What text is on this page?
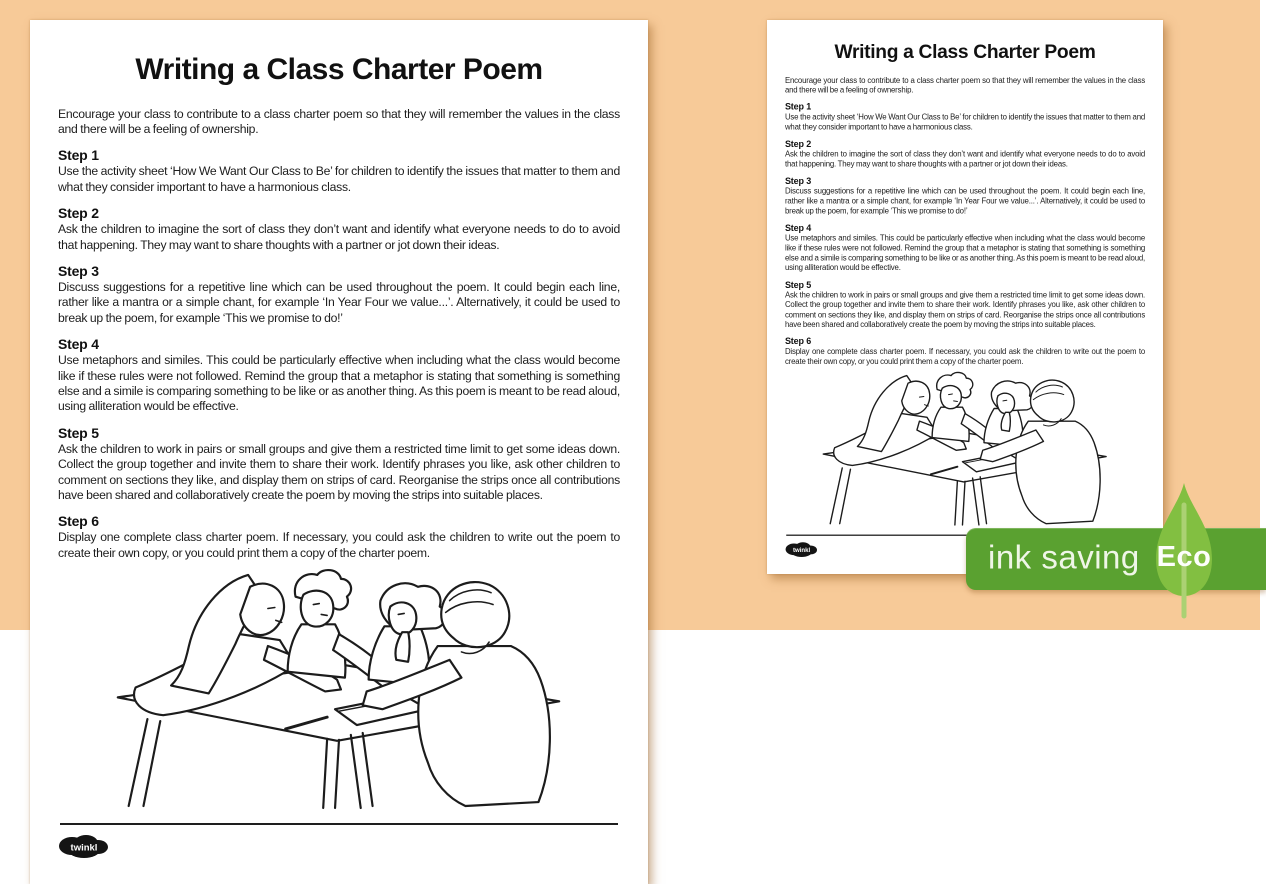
Writing a Class Charter Poem

Encourage your class to contribute to a class charter poem so that they will remember the values in the class and there will be a feeling of ownership.

Step 1

Use the activity sheet ‘How We Want Our Class to Be’ for children to identify the issues that matter to them and what they consider important to have a harmonious class.

Step 2

Ask the children to imagine the sort of class they don’t want and identify what everyone needs to do to avoid that happening. They may want to share thoughts with a partner or jot down their ideas.

Step 3

Discuss suggestions for a repetitive line which can be used throughout the poem. It could begin each line, rather like a mantra or a simple chant, for example ‘In Year Four we value...’. Alternatively, it could be used to break up the poem, for example ‘This we promise to do!’

Step 4

Use metaphors and similes. This could be particularly effective when including what the class would become like if these rules were not followed. Remind the group that a metaphor is stating that something is something else and a simile is comparing something to be like or as another thing. As this poem is meant to be read aloud, using alliteration would be effective.

Step 5

Ask the children to work in pairs or small groups and give them a restricted time limit to get some ideas down. Collect the group together and invite them to share their work. Identify phrases you like, ask other children to comment on sections they like, and display them on strips of card. Reorganise the strips once all contributions have been shared and collaboratively create the poem by moving the strips into suitable places.

Step 6

Display one complete class charter poem. If necessary, you could ask the children to write out the poem to create their own copy, or you could print them a copy of the charter poem.

twinkl
Writing a Class Charter Poem

Encourage your class to contribute to a class charter poem so that they will remember the values in the class and there will be a feeling of ownership.

Step 1

Use the activity sheet ‘How We Want Our Class to Be’ for children to identify the issues that matter to them and what they consider important to have a harmonious class.

Step 2

Ask the children to imagine the sort of class they don’t want and identify what everyone needs to do to avoid that happening. They may want to share thoughts with a partner or jot down their ideas.

Step 3

Discuss suggestions for a repetitive line which can be used throughout the poem. It could begin each line, rather like a mantra or a simple chant, for example ‘In Year Four we value...’. Alternatively, it could be used to break up the poem, for example ‘This we promise to do!’

Step 4

Use metaphors and similes. This could be particularly effective when including what the class would become like if these rules were not followed. Remind the group that a metaphor is stating that something is something else and a simile is comparing something to be like or as another thing. As this poem is meant to be read aloud, using alliteration would be effective.

Step 5

Ask the children to work in pairs or small groups and give them a restricted time limit to get some ideas down. Collect the group together and invite them to share their work. Identify phrases you like, ask other children to comment on sections they like, and display them on strips of card. Reorganise the strips once all contributions have been shared and collaboratively create the poem by moving the strips into suitable places.

Step 6

Display one complete class charter poem. If necessary, you could ask the children to write out the poem to create their own copy, or you could print them a copy of the charter poem.

twinkl	ink saving Eco
